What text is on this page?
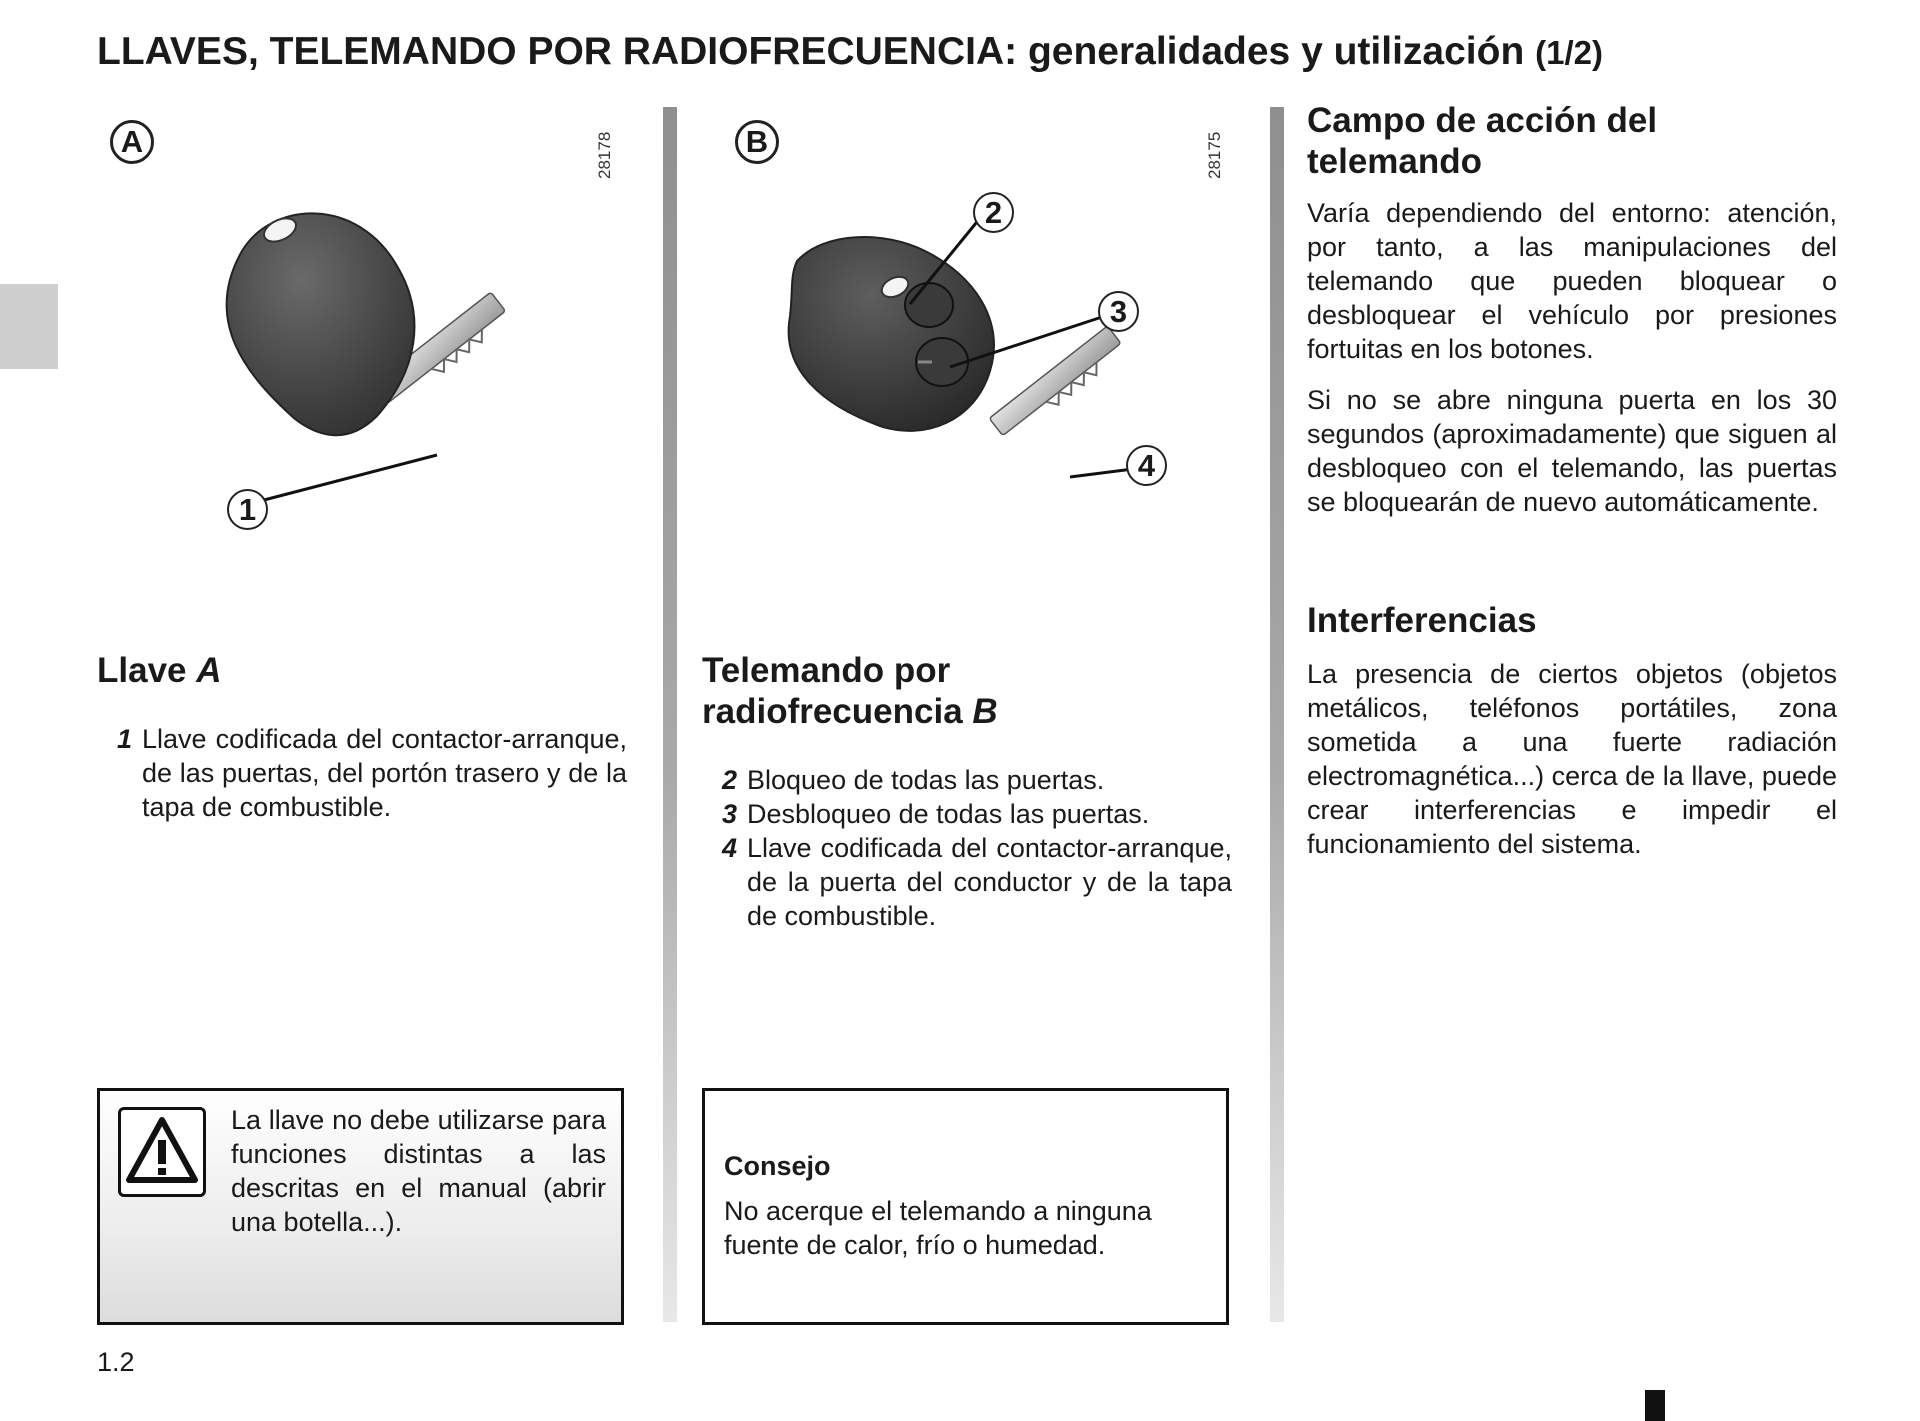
LLAVES, TELEMANDO POR RADIOFRECUENCIA: generalidades y utilización (1/2)
A	28178
1
B	28175
2
3
4
Llave A
1 Llave codificada del contactor-arranque, de las puertas, del portón trasero y de la tapa de combustible.
Telemando por
radiofrecuencia B
2 Bloqueo de todas las puertas.
3 Desbloqueo de todas las puertas.
4 Llave codificada del contactor-arranque, de la puerta del conductor y de la tapa de combustible.
Campo de acción del
telemando
Varía dependiendo del entorno: atención, por tanto, a las manipulaciones del telemando que pueden bloquear o desbloquear el vehículo por presiones fortuitas en los botones.
Si no se abre ninguna puerta en los 30 segundos (aproximadamente) que siguen al desbloqueo con el telemando, las puertas se bloquearán de nuevo automáticamente.
Interferencias
La presencia de ciertos objetos (objetos metálicos, teléfonos portátiles, zona sometida a una fuerte radiación electromagnética...) cerca de la llave, puede crear interferencias e impedir el funcionamiento del sistema.
La llave no debe utilizarse para funciones distintas a las descritas en el manual (abrir una botella...).
Consejo
No acerque el telemando a ninguna fuente de calor, frío o humedad.
1.2
